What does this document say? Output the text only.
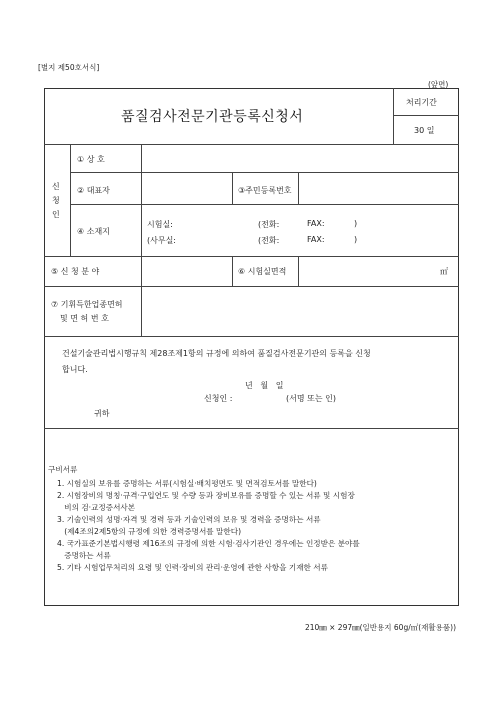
[별지 제50호서식]
(앞면)
품질검사전문기관등록신청서
처리기간
30 일
신
청
인
① 상 호
② 대표자	③주민등록번호
④ 소재지
시험실:	(전화:	FAX:	)
(사무실:	(전화:	FAX:	)
⑤ 신 청 분 야	⑥ 시험실면적	㎡
⑦ 기휘득한업종면허
및 면 허 번 호
건설기술관리법시행규칙 제28조제1항의 규정에 의하여 품질검사전문기관의 등록을 신청
합니다.
년   월   일
신청인 :	(서명 또는 인)
귀하
구비서류
1. 시험실의 보유를 증명하는 서류(시험실·배치평면도 및 면적검토서를 말한다)
2. 시험장비의 명칭·규격·구입연도 및 수량 등과 장비보유를 증명할 수 있는 서류 및 시험장
비의 검·교정증서사본
3. 기술인력의 성명·자격 및 경력 등과 기술인력의 보유 및 경력을 증명하는 서류
(제4조의2제5항의 규정에 의한 경력증명서를 말한다)
4. 국가표준기본법시행령 제16조의 규정에 의한 시험·검사기관인 경우에는 인정받은 분야를
증명하는 서류
5. 기타 시험업무처리의 요령 및 인력·장비의 관리·운영에 관한 사항을 기재한 서류
210㎜ × 297㎜(일반용지 60g/㎡(재활용품))
